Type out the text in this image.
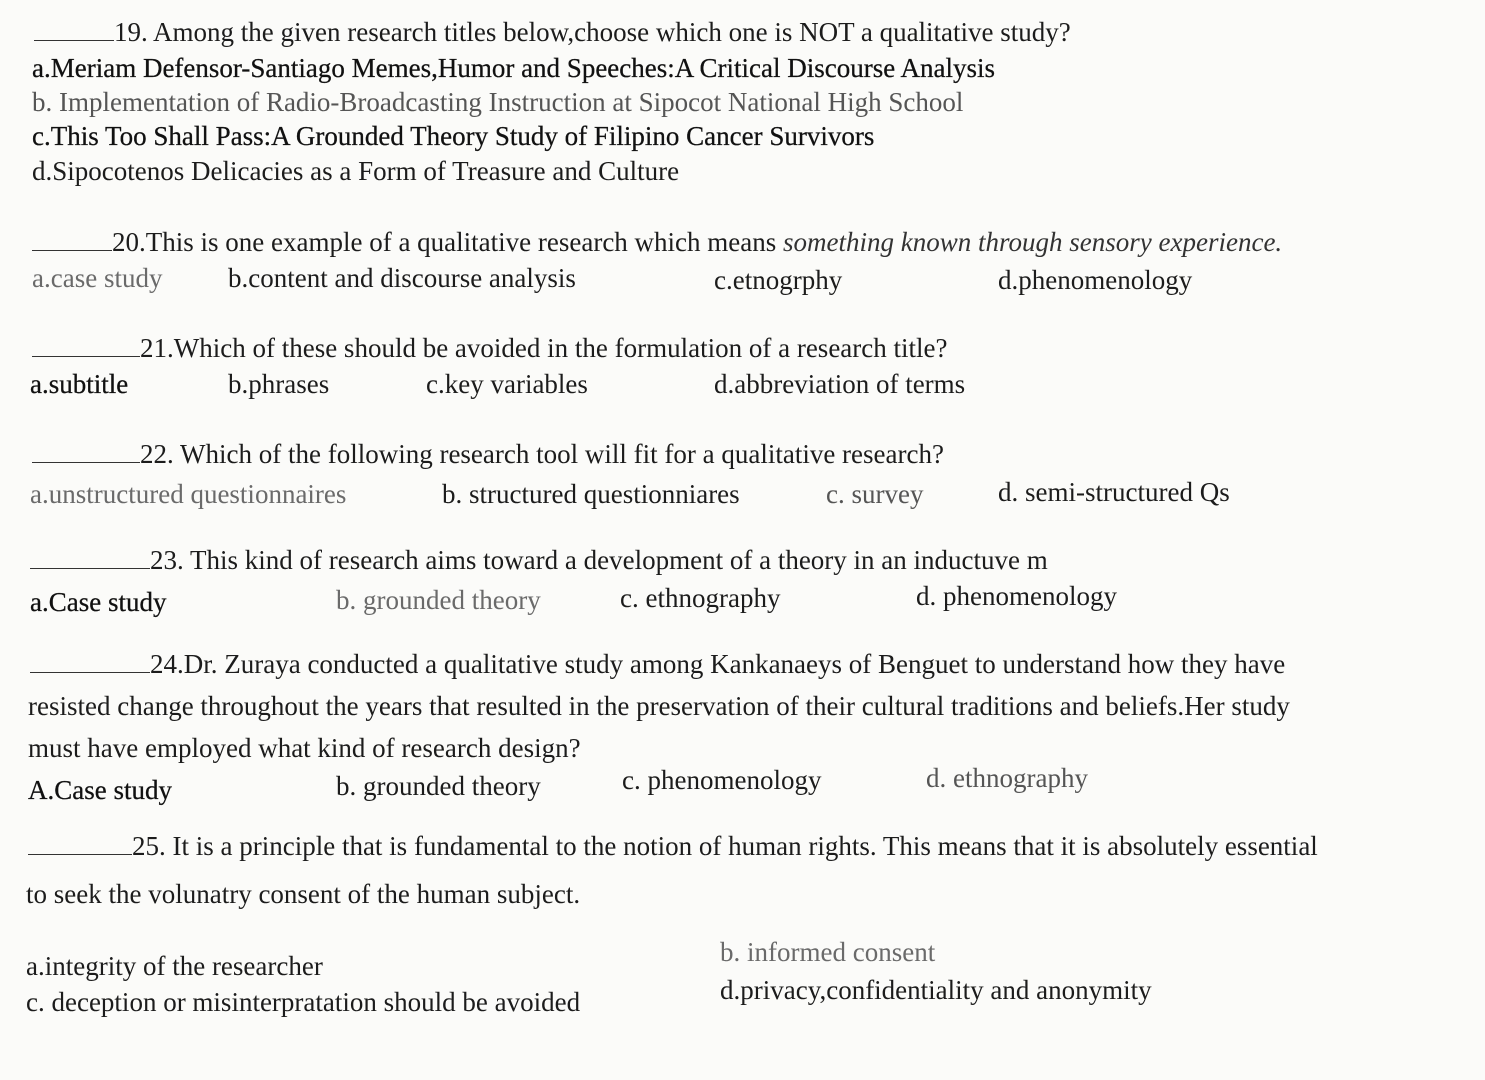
19. Among the given research titles below,choose which one is NOT a qualitative study?
a.Meriam Defensor-Santiago Memes,Humor and Speeches:A Critical Discourse Analysis
b. Implementation of Radio-Broadcasting Instruction at Sipocot National High School
c.This Too Shall Pass:A Grounded Theory Study of Filipino Cancer Survivors
d.Sipocotenos Delicacies as a Form of Treasure and Culture
20.This is one example of a qualitative research which means something known through sensory experience.
a.case study b.content and discourse analysis	c.etnogrphy	d.phenomenology
21.Which of these should be avoided in the formulation of a research title?
a.subtitle	b.phrases	c.key variables	d.abbreviation of terms
22. Which of the following research tool will fit for a qualitative research?
a.unstructured questionnaires	b. structured questionniares	c. survey	d. semi-structured Qs
23. This kind of research aims toward a development of a theory in an inductuve m
a.Case study	b. grounded theory	c. ethnography	d. phenomenology
24.Dr. Zuraya conducted a qualitative study among Kankanaeys of Benguet to understand how they have
resisted change throughout the years that resulted in the preservation of their cultural traditions and beliefs.Her study
must have employed what kind of research design?
A.Case study	b. grounded theory	c. phenomenology	d. ethnography
25. It is a principle that is fundamental to the notion of human rights. This means that it is absolutely essential
to seek the volunatry consent of the human subject.
a.integrity of the researcher	b. informed consent
c. deception or misinterpratation should be avoided	d.privacy,confidentiality and anonymity
